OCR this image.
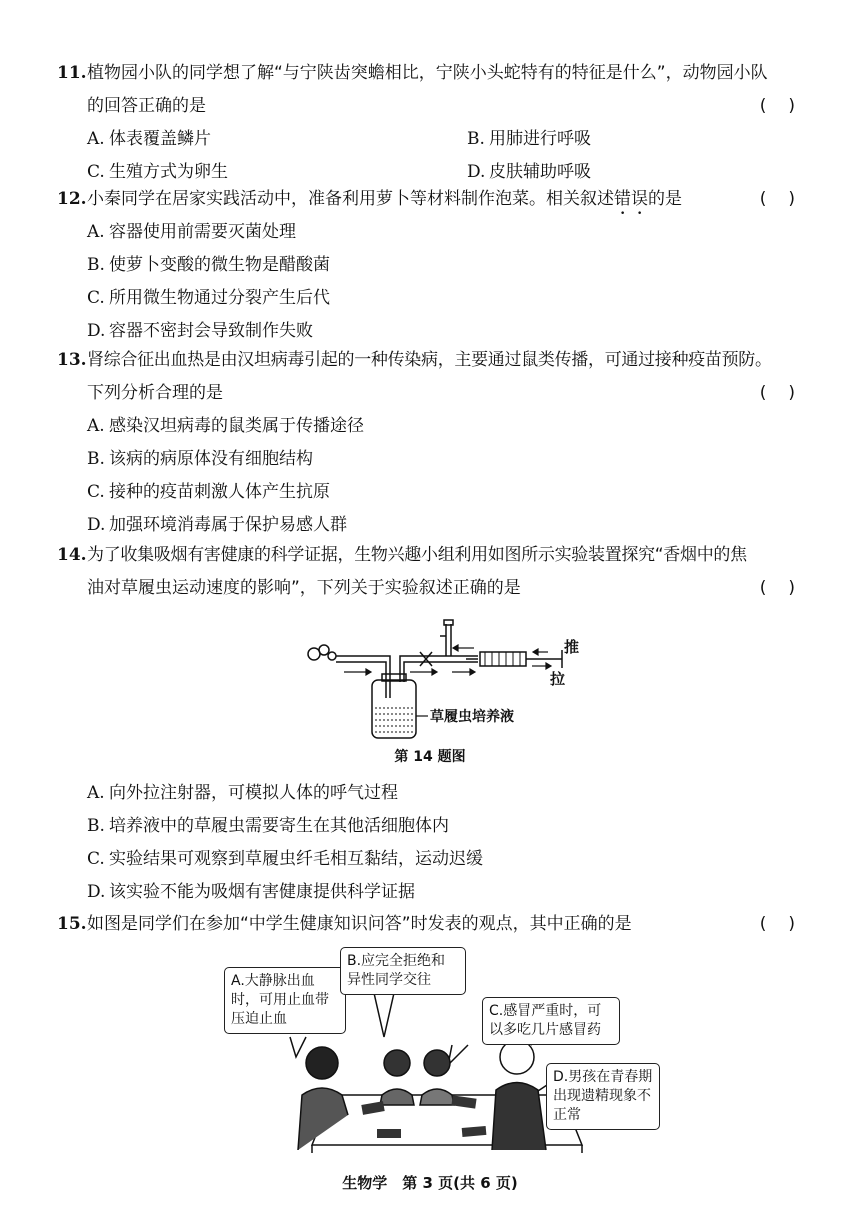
11.植物园小队的同学想了解“与宁陕齿突蟾相比，宁陕小头蛇特有的特征是什么”，动物园小队
的回答正确的是	()
A. 体表覆盖鳞片	B. 用肺进行呼吸
C. 生殖方式为卵生	D. 皮肤辅助呼吸
12.小秦同学在居家实践活动中，准备利用萝卜等材料制作泡菜。相关叙述错误的是	()
A. 容器使用前需要灭菌处理
B. 使萝卜变酸的微生物是醋酸菌
C. 所用微生物通过分裂产生后代
D. 容器不密封会导致制作失败
13.肾综合征出血热是由汉坦病毒引起的一种传染病，主要通过鼠类传播，可通过接种疫苗预防。
下列分析合理的是	()
A. 感染汉坦病毒的鼠类属于传播途径
B. 该病的病原体没有细胞结构
C. 接种的疫苗刺激人体产生抗原
D. 加强环境消毒属于保护易感人群
14.为了收集吸烟有害健康的科学证据，生物兴趣小组利用如图所示实验装置探究“香烟中的焦
油对草履虫运动速度的影响”，下列关于实验叙述正确的是	()
推
拉
草履虫培养液
第 14 题图
A. 向外拉注射器，可模拟人体的呼气过程
B. 培养液中的草履虫需要寄生在其他活细胞体内
C. 实验结果可观察到草履虫纤毛相互黏结，运动迟缓
D. 该实验不能为吸烟有害健康提供科学证据
15.如图是同学们在参加“中学生健康知识问答”时发表的观点，其中正确的是	()
A.大静脉出血时，可用止血带压迫止血
B.应完全拒绝和异性同学交往
C.感冒严重时，可以多吃几片感冒药
D.男孩在青春期出现遗精现象不正常
生物学　第 3 页(共 6 页)
